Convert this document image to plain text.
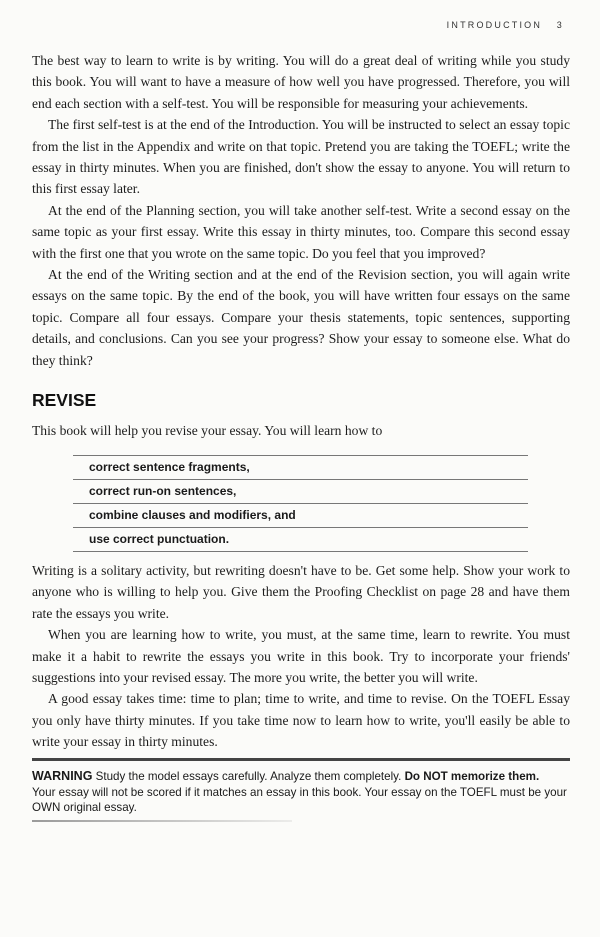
INTRODUCTION 3

The best way to learn to write is by writing. You will do a great deal of writing while you study this book. You will want to have a measure of how well you have progressed. Therefore, you will end each section with a self-test. You will be responsible for measuring your achievements.

The first self-test is at the end of the Introduction. You will be instructed to select an essay topic from the list in the Appendix and write on that topic. Pretend you are taking the TOEFL; write the essay in thirty minutes. When you are finished, don't show the essay to anyone. You will return to this first essay later.

At the end of the Planning section, you will take another self-test. Write a second essay on the same topic as your first essay. Write this essay in thirty minutes, too. Compare this second essay with the first one that you wrote on the same topic. Do you feel that you improved?

At the end of the Writing section and at the end of the Revision section, you will again write essays on the same topic. By the end of the book, you will have written four essays on the same topic. Compare all four essays. Compare your thesis statements, topic sentences, supporting details, and conclusions. Can you see your progress? Show your essay to someone else. What do they think?

REVISE

This book will help you revise your essay. You will learn how to

correct sentence fragments,
correct run-on sentences,
combine clauses and modifiers, and
use correct punctuation.

Writing is a solitary activity, but rewriting doesn't have to be. Get some help. Show your work to anyone who is willing to help you. Give them the Proofing Checklist on page 28 and have them rate the essays you write.

When you are learning how to write, you must, at the same time, learn to rewrite. You must make it a habit to rewrite the essays you write in this book. Try to incorporate your friends' suggestions into your revised essay. The more you write, the better you will write.

A good essay takes time: time to plan; time to write, and time to revise. On the TOEFL Essay you only have thirty minutes. If you take time now to learn how to write, you'll easily be able to write your essay in thirty minutes.

WARNING Study the model essays carefully. Analyze them completely. Do NOT memorize them.
Your essay will not be scored if it matches an essay in this book. Your essay on the TOEFL must be your OWN original essay.
